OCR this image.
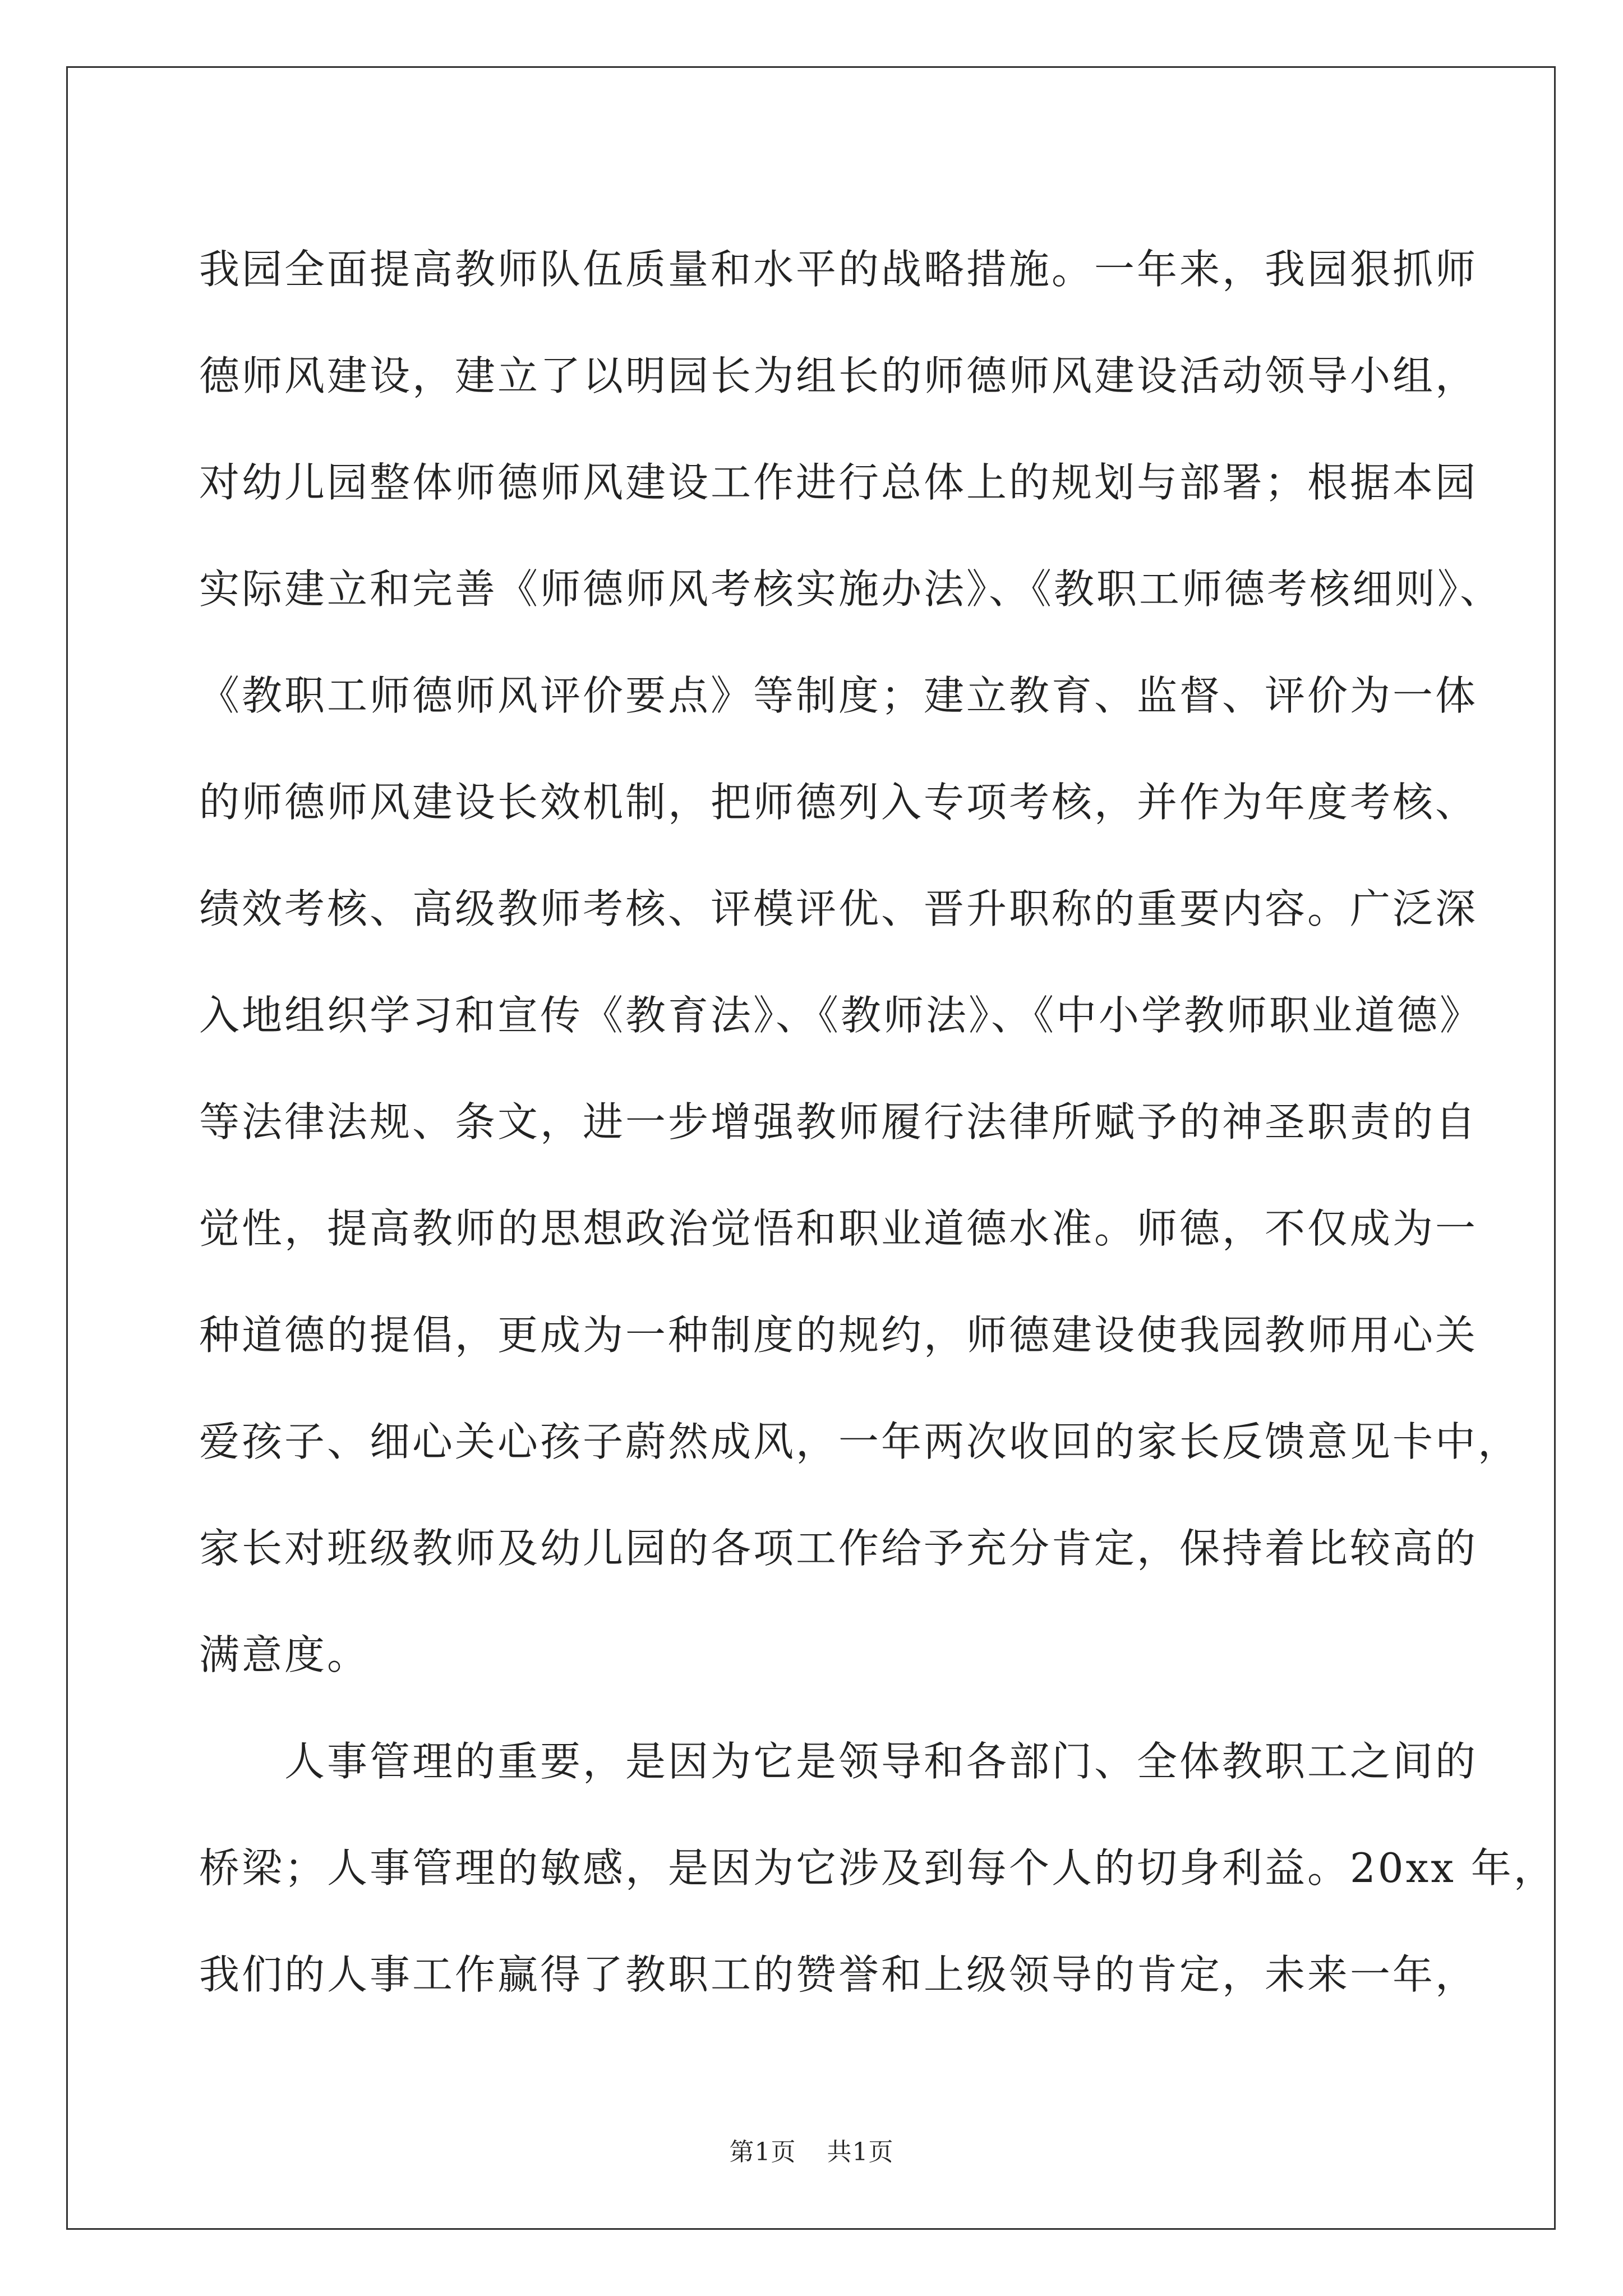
我园全面提高教师队伍质量和水平的战略措施。一年来，我园狠抓师
德师风建设，建立了以明园长为组长的师德师风建设活动领导小组，
对幼儿园整体师德师风建设工作进行总体上的规划与部署；根据本园
实际建立和完善《师德师风考核实施办法》、《教职工师德考核细则》、
《教职工师德师风评价要点》等制度；建立教育、监督、评价为一体
的师德师风建设长效机制，把师德列入专项考核，并作为年度考核、
绩效考核、高级教师考核、评模评优、晋升职称的重要内容。广泛深
入地组织学习和宣传《教育法》、《教师法》、《中小学教师职业道德》
等法律法规、条文，进一步增强教师履行法律所赋予的神圣职责的自
觉性，提高教师的思想政治觉悟和职业道德水准。师德，不仅成为一
种道德的提倡，更成为一种制度的规约，师德建设使我园教师用心关
爱孩子、细心关心孩子蔚然成风，一年两次收回的家长反馈意见卡中，
家长对班级教师及幼儿园的各项工作给予充分肯定，保持着比较高的
满意度。
人事管理的重要，是因为它是领导和各部门、全体教职工之间的
桥梁；人事管理的敏感，是因为它涉及到每个人的切身利益。20xx 年，
我们的人事工作赢得了教职工的赞誉和上级领导的肯定，未来一年，
第1页 共1页
